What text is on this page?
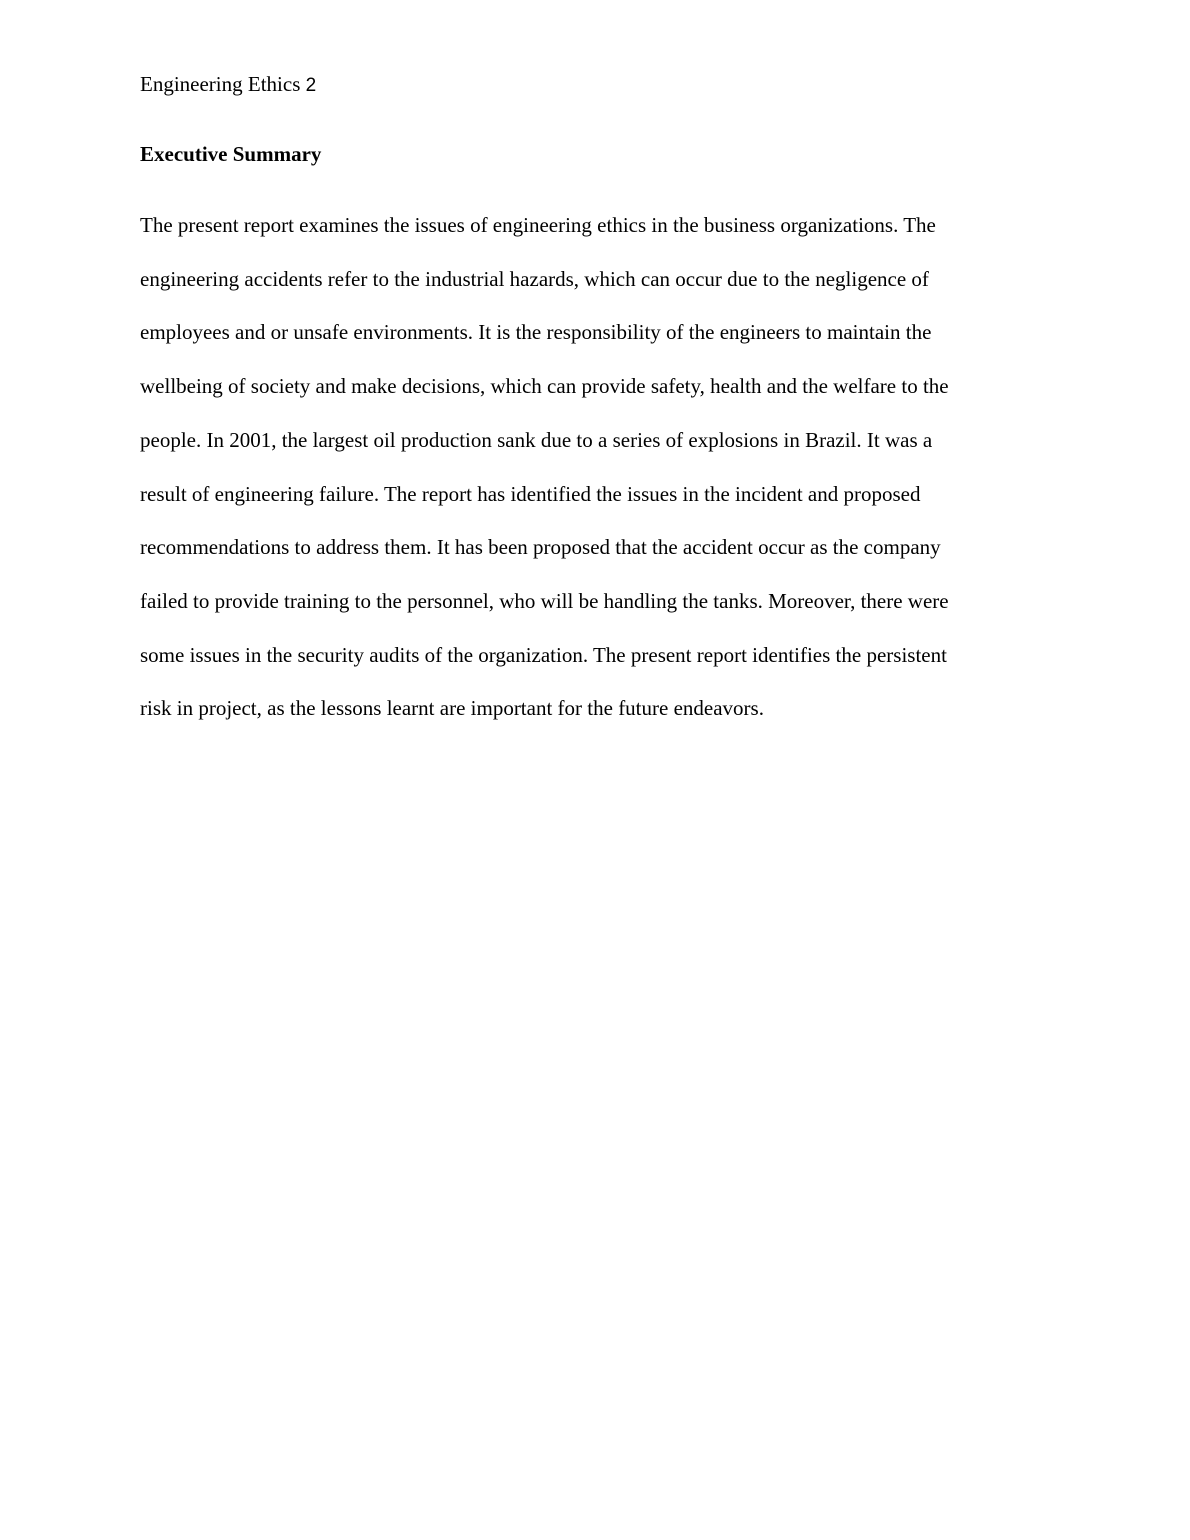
Engineering Ethics 2
Executive Summary
The present report examines the issues of engineering ethics in the business organizations. The
engineering accidents refer to the industrial hazards, which can occur due to the negligence of
employees and or unsafe environments. It is the responsibility of the engineers to maintain the
wellbeing of society and make decisions, which can provide safety, health and the welfare to the
people. In 2001, the largest oil production sank due to a series of explosions in Brazil. It was a
result of engineering failure. The report has identified the issues in the incident and proposed
recommendations to address them. It has been proposed that the accident occur as the company
failed to provide training to the personnel, who will be handling the tanks. Moreover, there were
some issues in the security audits of the organization. The present report identifies the persistent
risk in project, as the lessons learnt are important for the future endeavors.
